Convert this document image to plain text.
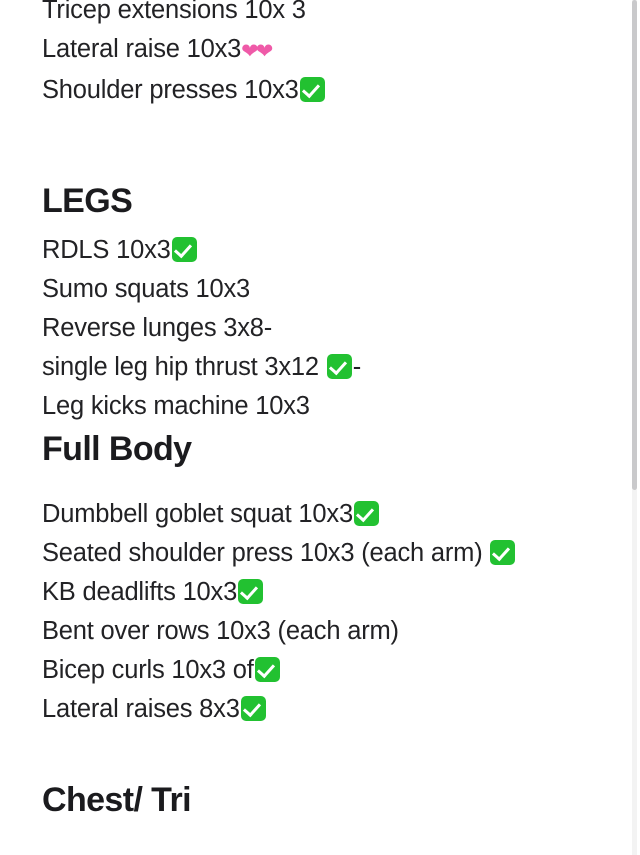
Tricep extensions 10x 3
Lateral raise 10x3❤❤
Shoulder presses 10x3
LEGS
RDLS 10x3
Sumo squats 10x3
Reverse lunges 3x8-
single leg hip thrust 3x12 -
Leg kicks machine 10x3
Full Body
Dumbbell goblet squat 10x3
Seated shoulder press 10x3 (each arm)
KB deadlifts 10x3
Bent over rows 10x3 (each arm)
Bicep curls 10x3 of
Lateral raises 8x3
Chest/ Tri
